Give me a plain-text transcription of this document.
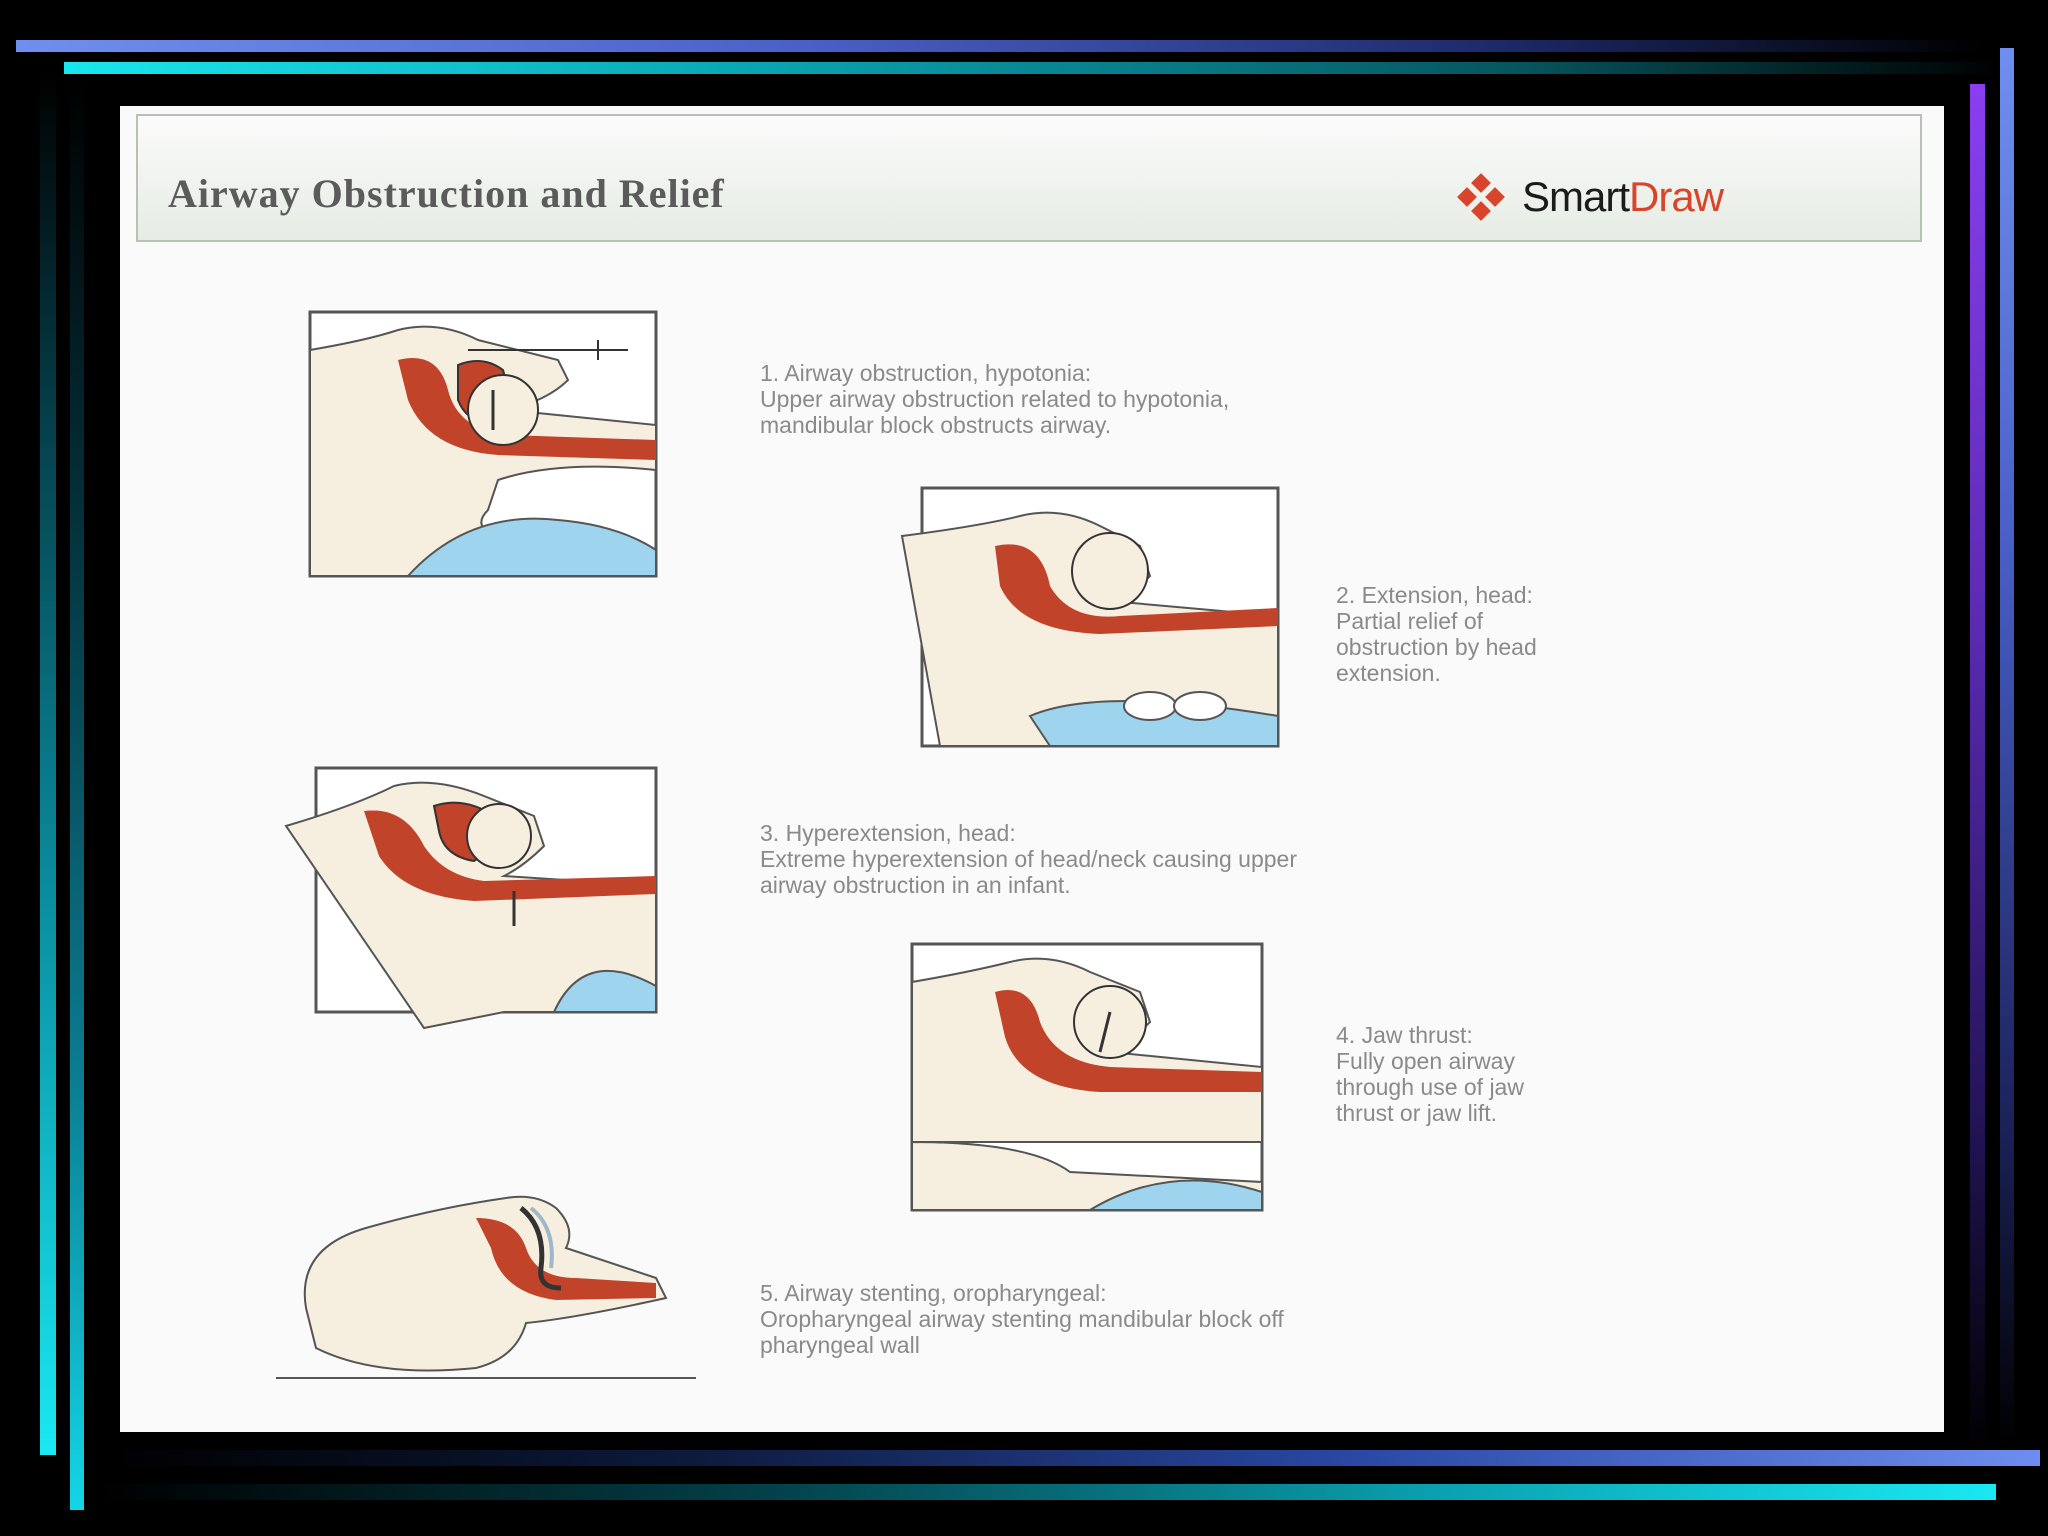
Airway Obstruction and Relief	Smart Draw
1. Airway obstruction, hypotonia:
Upper airway obstruction related to hypotonia,
mandibular block obstructs airway.
2. Extension, head:
Partial relief of
obstruction by head
extension.
3. Hyperextension, head:
Extreme hyperextension of head/neck causing upper
airway obstruction in an infant.
4. Jaw thrust:
Fully open airway
through use of jaw
thrust or jaw lift.
5. Airway stenting, oropharyngeal:
Oropharyngeal airway stenting mandibular block off
pharyngeal wall
